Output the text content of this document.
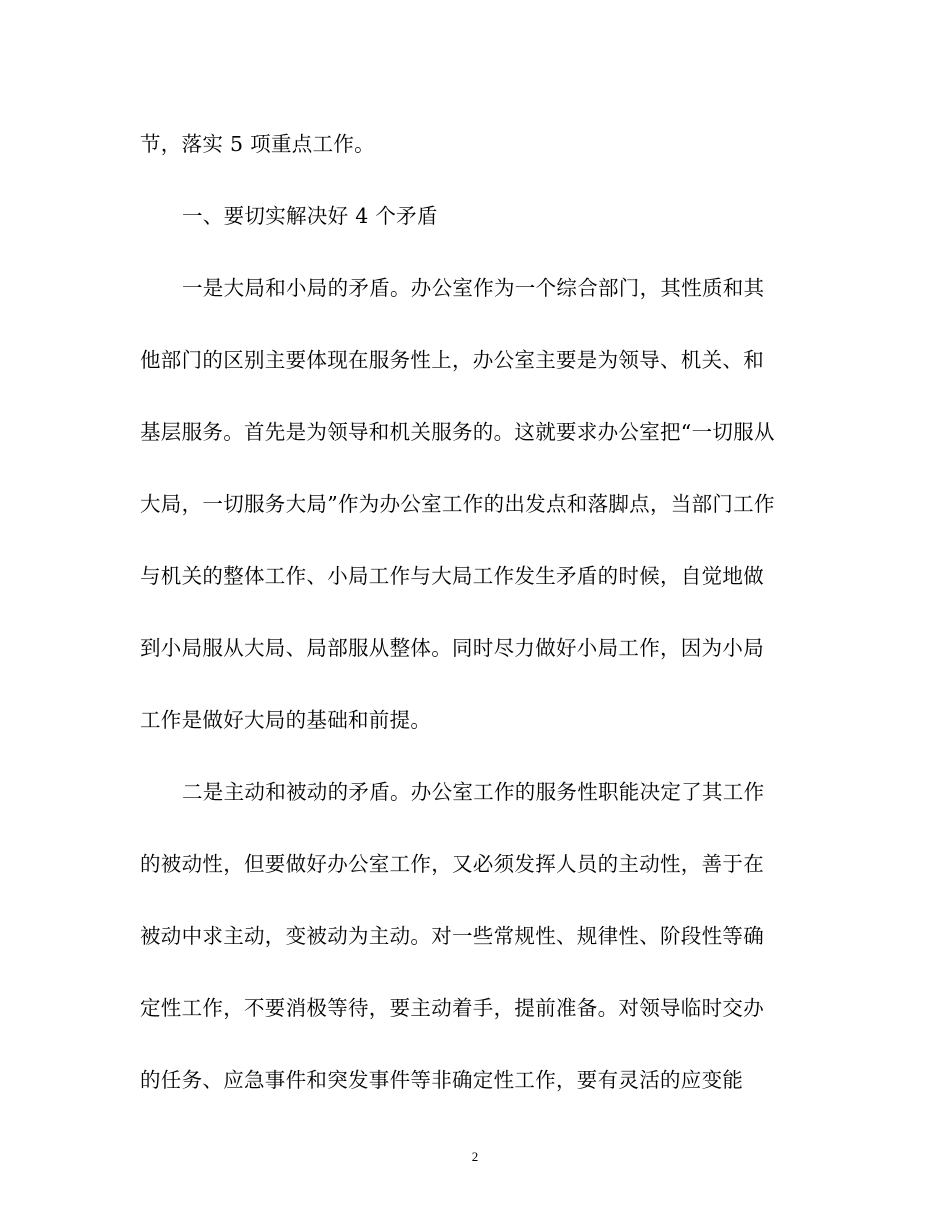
节，落实 5 项重点工作。
一、要切实解决好 4 个矛盾
一是大局和小局的矛盾。办公室作为一个综合部门，其性质和其
他部门的区别主要体现在服务性上，办公室主要是为领导、机关、和
基层服务。首先是为领导和机关服务的。这就要求办公室把“一切服从
大局，一切服务大局”作为办公室工作的出发点和落脚点，当部门工作
与机关的整体工作、小局工作与大局工作发生矛盾的时候，自觉地做
到小局服从大局、局部服从整体。同时尽力做好小局工作，因为小局
工作是做好大局的基础和前提。
二是主动和被动的矛盾。办公室工作的服务性职能决定了其工作
的被动性，但要做好办公室工作，又必须发挥人员的主动性，善于在
被动中求主动，变被动为主动。对一些常规性、规律性、阶段性等确
定性工作，不要消极等待，要主动着手，提前准备。对领导临时交办
的任务、应急事件和突发事件等非确定性工作，要有灵活的应变能
2
